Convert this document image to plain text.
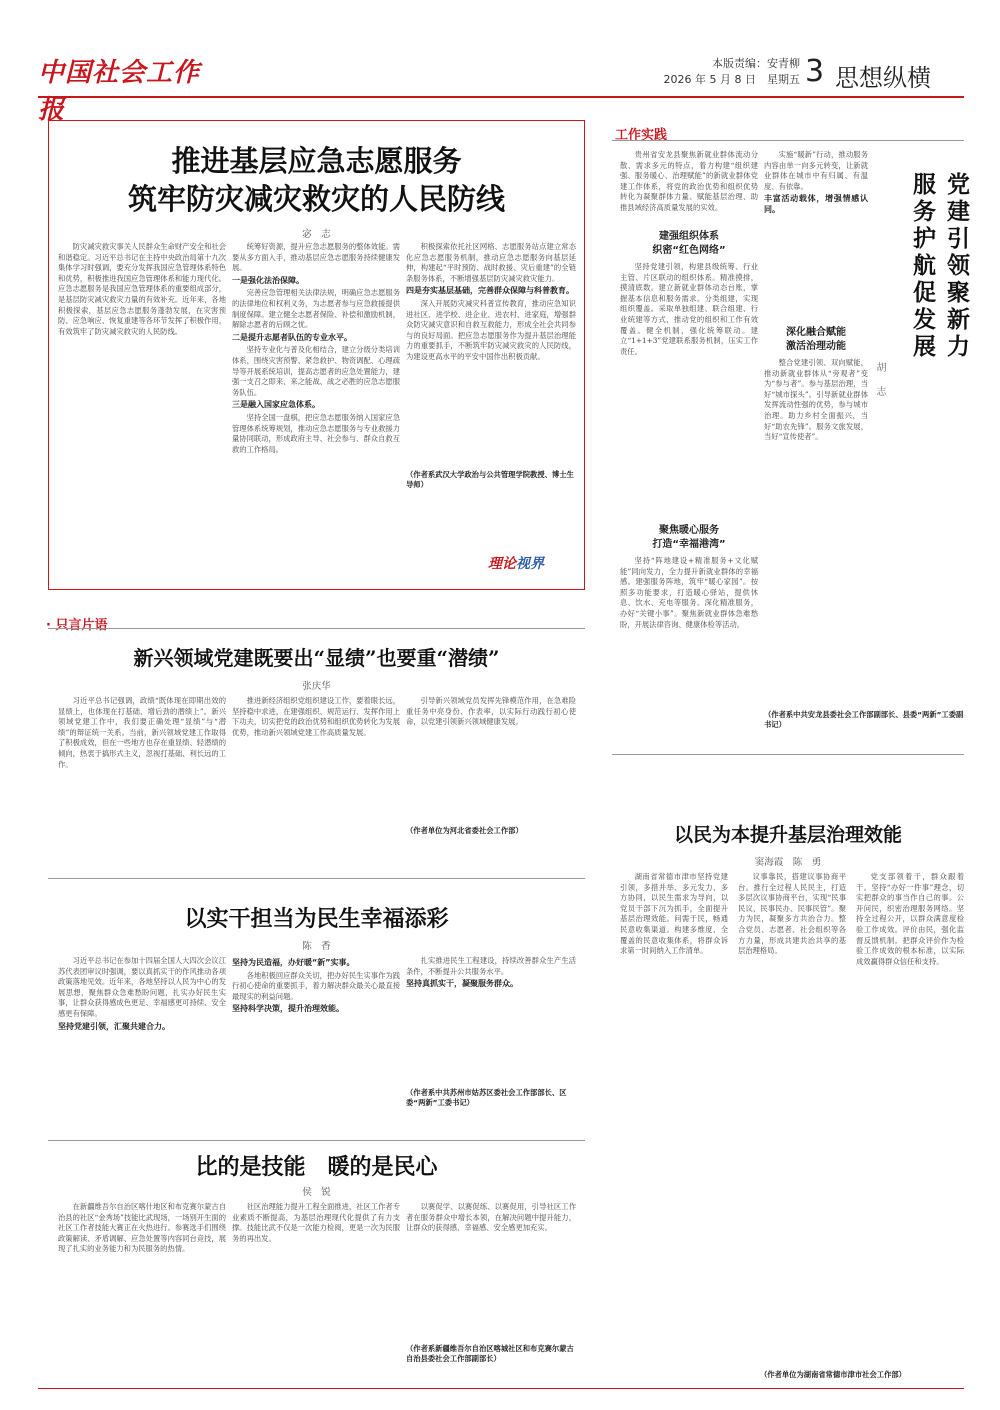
中国社会工作报
本版责编：安青柳
2026 年 5 月 8 日　星期五 3 思想纵横
推进基层应急志愿服务
筑牢防灾减灾救灾的人民防线
宓　志

防灾减灾救灾事关人民群众生命财产安全和社会和谐稳定。习近平总书记在主持中央政治局第十九次集体学习时强调，要充分发挥我国应急管理体系特色和优势，积极推进我国应急管理体系和能力现代化。应急志愿服务是我国应急管理体系的重要组成部分，是基层防灾减灾救灾力量的有效补充。近年来，各地积极探索，基层应急志愿服务蓬勃发展，在灾害预防、应急响应、恢复重建等各环节发挥了积极作用，有效筑牢了防灾减灾救灾的人民防线。

统筹好资源，提升应急志愿服务的整体效能。需要从多方面入手，推动基层应急志愿服务持续健康发展。

一是强化法治保障。

完善应急管理相关法律法规，明确应急志愿服务的法律地位和权利义务，为志愿者参与应急救援提供制度保障。建立健全志愿者保险、补偿和激励机制，解除志愿者的后顾之忧。

二是提升志愿者队伍的专业水平。

坚持专业化与普及化相结合，建立分级分类培训体系，围绕灾害预警、紧急救护、物资调配、心理疏导等开展系统培训，提高志愿者的应急处置能力，建强一支召之即来、来之能战、战之必胜的应急志愿服务队伍。

三是融入国家应急体系。

坚持全国一盘棋，把应急志愿服务纳入国家应急管理体系统筹规划，推动应急志愿服务与专业救援力量协同联动，形成政府主导、社会参与、群众自救互救的工作格局。

积极探索依托社区网格、志愿服务站点建立常态化应急志愿服务机制，推动应急志愿服务向基层延伸，构建起“平时预防、战时救援、灾后重建”的全链条服务体系，不断增强基层防灾减灾救灾能力。

四是夯实基层基础，完善群众保障与科普教育。

深入开展防灾减灾科普宣传教育，推动应急知识进社区、进学校、进企业、进农村、进家庭，增强群众防灾减灾意识和自救互救能力，形成全社会共同参与的良好局面。把应急志愿服务作为提升基层治理能力的重要抓手，不断筑牢防灾减灾救灾的人民防线，为建设更高水平的平安中国作出积极贡献。

（作者系武汉大学政治与公共管理学院教授、博士生导师）
理论视界
· 只言片语
新兴领域党建既要出“显绩”也要重“潜绩”
张庆华

习近平总书记强调，政绩“既体现在即期出效的显绩上，也体现在打基础、增后劲的潜绩上”。新兴领域党建工作中，我们要正确处理“显绩”与“潜绩”的辩证统一关系。当前，新兴领域党建工作取得了积极成效，但在一些地方也存在重显绩、轻潜绩的倾向，热衷于搞形式主义，忽视打基础、利长远的工作。

推进新经济组织党组织建设工作，要着眼长远，坚持稳中求进，在建强组织、规范运行、发挥作用上下功夫，切实把党的政治优势和组织优势转化为发展优势，推动新兴领域党建工作高质量发展。

引导新兴领域党员发挥先锋模范作用，在急难险重任务中亮身份、作表率，以实际行动践行初心使命，以党建引领新兴领域健康发展。

（作者单位为河北省委社会工作部）
以实干担当为民生幸福添彩
陈　香

习近平总书记在参加十四届全国人大四次会议江苏代表团审议时强调，要以真抓实干的作风推动各项政策落地见效。近年来，各地坚持以人民为中心的发展思想，聚焦群众急难愁盼问题，扎实办好民生实事，让群众获得感成色更足、幸福感更可持续、安全感更有保障。

坚持党建引领，汇聚共建合力。
坚持为民造福，办好暖“新”实事。

各地积极回应群众关切，把办好民生实事作为践行初心使命的重要抓手，着力解决群众最关心最直接最现实的利益问题。

坚持科学决策，提升治理效能。

扎实推进民生工程建设，持续改善群众生产生活条件，不断提升公共服务水平。

坚持真抓实干，凝聚服务群众。
（作者系中共苏州市姑苏区委社会工作部部长、区委“两新”工委书记）
比的是技能　暖的是民心
侯　锐

在新疆维吾尔自治区喀什地区和布克赛尔蒙古自治县的社区“金秀场”技能比武现场，一场别开生面的社区工作者技能大赛正在火热进行。参赛选手们围绕政策解读、矛盾调解、应急处置等内容同台竞技，展现了扎实的业务能力和为民服务的热情。

社区治理能力提升工程全面推进，社区工作者专业素质不断提高，为基层治理现代化提供了有力支撑。技能比武不仅是一次能力检阅，更是一次为民服务的再出发。

以赛促学、以赛促练、以赛促用，引导社区工作者在服务群众中增长本领，在解决问题中提升能力，让群众的获得感、幸福感、安全感更加充实。

（作者系新疆维吾尔自治区喀城社区和布克赛尔蒙古自治县委社会工作部副部长）
工作实践
党建引领聚新力
服务护航促发展
胡　志

贵州省安龙县聚焦新就业群体流动分散、需求多元的特点，着力构建“组织建强、服务暖心、治理赋能”的新就业群体党建工作体系，将党的政治优势和组织优势转化为凝聚群体力量、赋能基层治理、助推县域经济高质量发展的实效。

建强组织体系
织密“红色网络”

坚持党建引领，构建县级统筹、行业主管、片区联动的组织体系。精准摸排，摸清底数。建立新就业群体动态台账，掌握基本信息和服务需求。分类组建，实现组织覆盖。采取单独组建、联合组建、行业统建等方式，推动党的组织和工作有效覆盖。健全机制，强化统筹联动。建立“1+1+3”党建联系服务机制，压实工作责任。

聚焦暖心服务
打造“幸福港湾”

坚持“阵地建设+精准服务+文化赋能”同向发力，全力提升新就业群体的幸福感。建强服务阵地，筑牢“暖心家园”。按照多功能要求，打造暖心驿站，提供休息、饮水、充电等服务。深化精准服务，办好“关键小事”。聚焦新就业群体急难愁盼，开展法律咨询、健康体检等活动。

实施“暖新”行动，推动服务内容由单一向多元转变，让新就业群体在城市中有归属、有温度、有依靠。

丰富活动载体，增强情感认同。
深化融合赋能
激活治理动能

整合党建引领、双向赋能，推动新就业群体从“旁观者”变为“参与者”。参与基层治理，当好“城市探头”。引导新就业群体发挥流动性强的优势，参与城市治理。助力乡村全面振兴，当好“助农先锋”。服务文旅发展，当好“宣传使者”。

（作者系中共安龙县委社会工作部副部长、县委“两新”工委副书记）
以民为本提升基层治理效能
窦海霞　陈　勇

湖南省常德市津市坚持党建引领，多措并举、多元发力、多方协同，以民生需求为导向，以党员干部下沉为抓手，全面提升基层治理效能。问需于民，畅通民意收集渠道。构建多维度、全覆盖的民意收集体系，将群众诉求第一时间纳入工作清单。

议事靠民，搭建议事协商平台。推行全过程人民民主，打造多层次议事协商平台，实现“民事民议、民事民办、民事民管”。聚力为民，凝聚多方共治合力。整合党员、志愿者、社会组织等各方力量，形成共建共治共享的基层治理格局。

党支部领着干，群众跟着干。坚持“办好一件事”理念，切实把群众的事当作自己的事。公开问民，织密治理服务网络。坚持全过程公开，以群众满意度检验工作成效。评价由民，强化监督反馈机制。把群众评价作为检验工作成效的根本标准，以实际成效赢得群众信任和支持。

（作者单位为湖南省常德市津市社会工作部）
